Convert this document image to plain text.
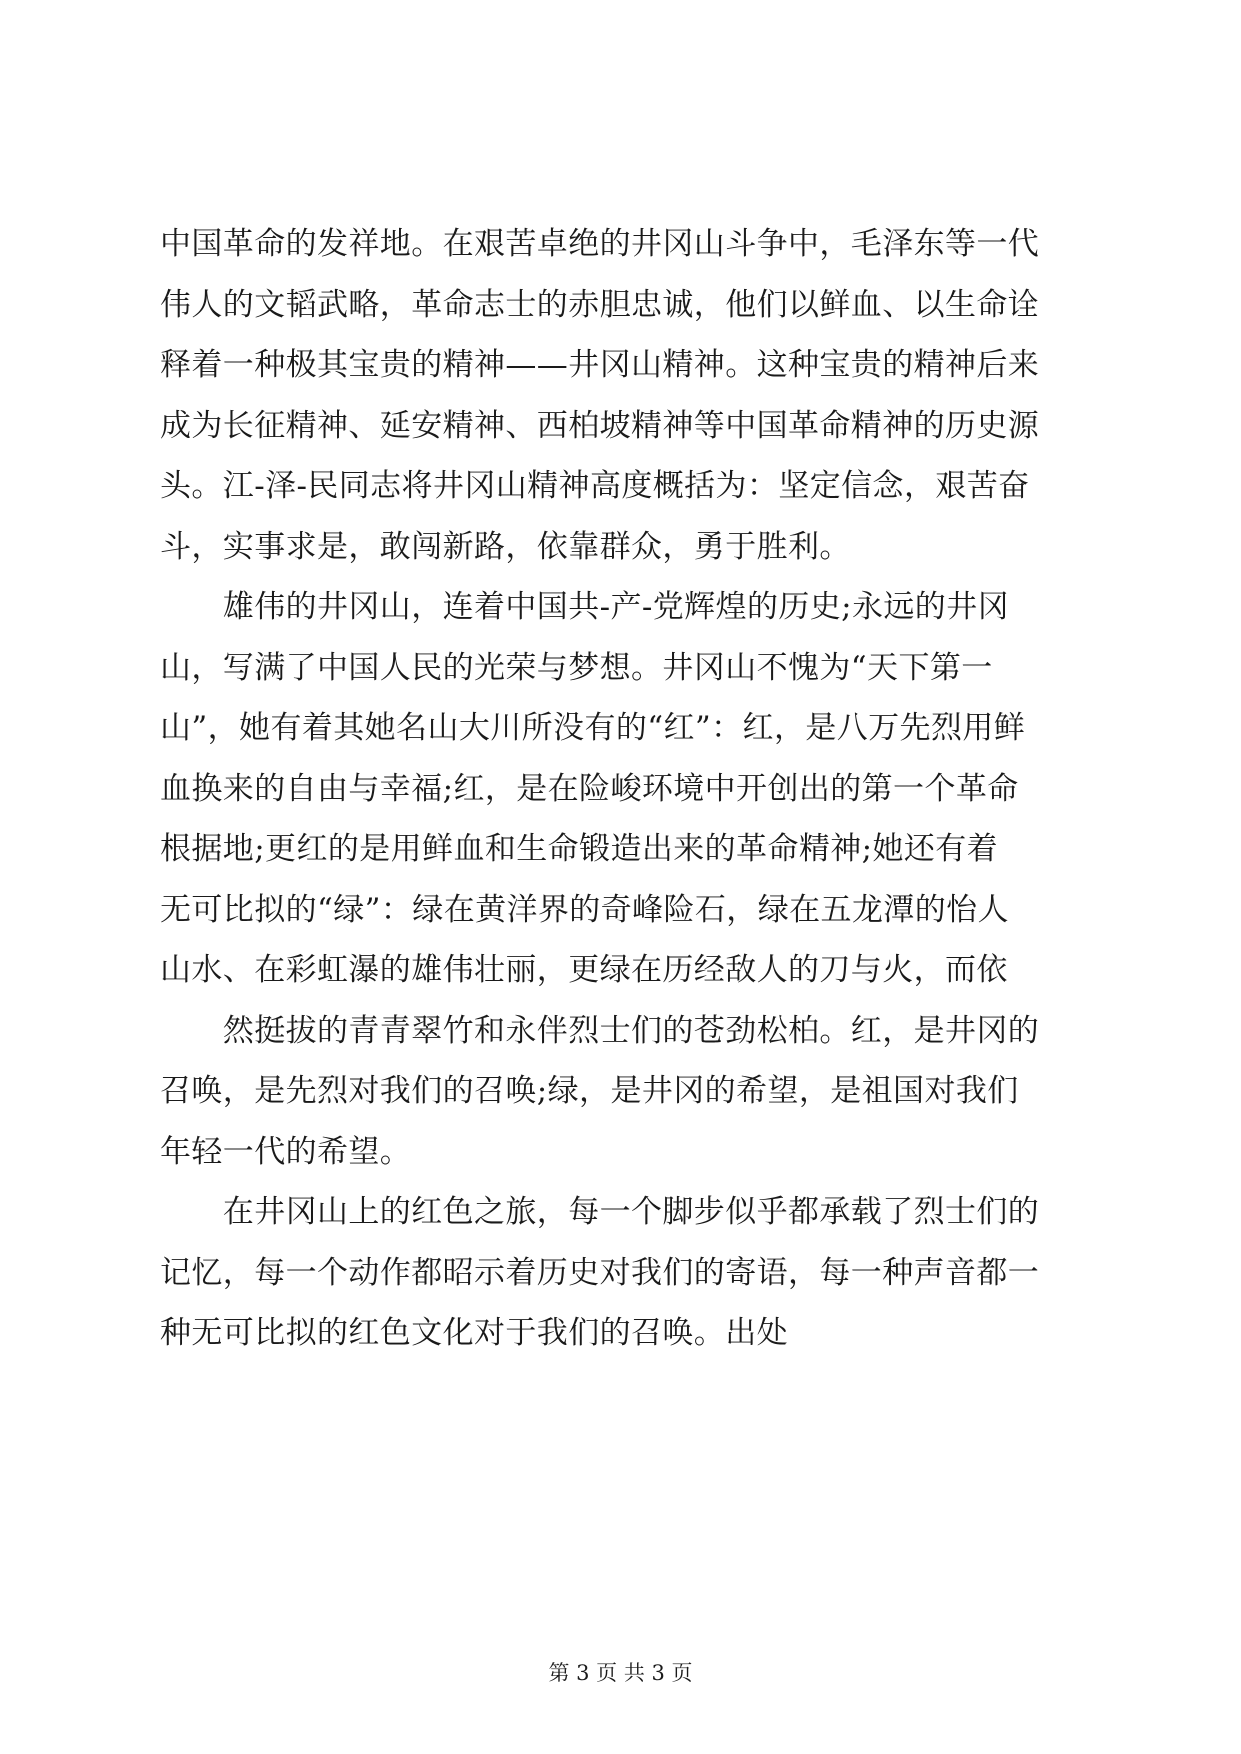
中国革命的发祥地。在艰苦卓绝的井冈山斗争中，毛泽东等一代
伟人的文韬武略，革命志士的赤胆忠诚，他们以鲜血、以生命诠
释着一种极其宝贵的精神——井冈山精神。这种宝贵的精神后来
成为长征精神、延安精神、西柏坡精神等中国革命精神的历史源
头。江-泽-民同志将井冈山精神高度概括为：坚定信念，艰苦奋
斗，实事求是，敢闯新路，依靠群众，勇于胜利。
　　雄伟的井冈山，连着中国共-产-党辉煌的历史;永远的井冈
山，写满了中国人民的光荣与梦想。井冈山不愧为“天下第一
山”，她有着其她名山大川所没有的“红”：红，是八万先烈用鲜
血换来的自由与幸福;红，是在险峻环境中开创出的第一个革命
根据地;更红的是用鲜血和生命锻造出来的革命精神;她还有着
无可比拟的“绿”：绿在黄洋界的奇峰险石，绿在五龙潭的怡人
山水、在彩虹瀑的雄伟壮丽，更绿在历经敌人的刀与火，而依
　　然挺拔的青青翠竹和永伴烈士们的苍劲松柏。红，是井冈的
召唤，是先烈对我们的召唤;绿，是井冈的希望，是祖国对我们
年轻一代的希望。
　　在井冈山上的红色之旅，每一个脚步似乎都承载了烈士们的
记忆，每一个动作都昭示着历史对我们的寄语，每一种声音都一
种无可比拟的红色文化对于我们的召唤。出处
第 3 页 共 3 页
